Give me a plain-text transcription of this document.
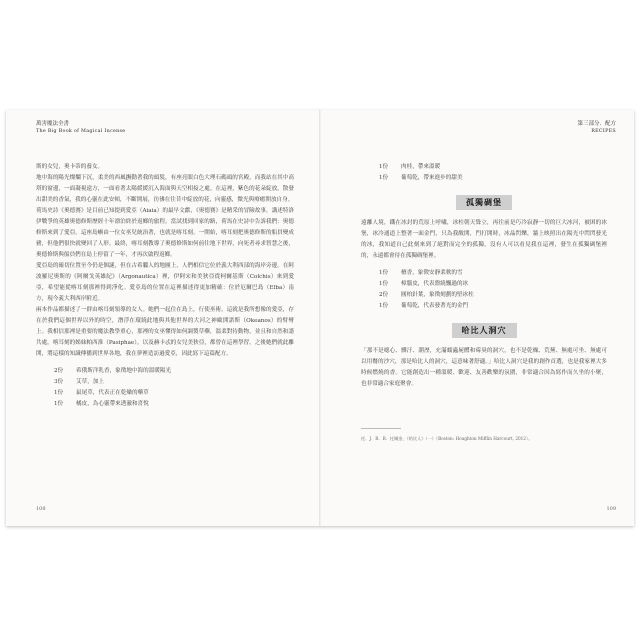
萬害魔法全書
The Big Book of Magical Incense

斯的女兒，奧卡蒂的養女。

地中海的陽光燦爛下沉，柔美的西風撫動著我的頭髮，有座亮眼白色大理石碼頭的宮殿，而我站在其中高塔的窗邊，一面凝視遠方，一面看著太陽緩緩沉入海面與天空相接之處。在這裡，紫色的花朵綻放，散發出甜美的香氣，我的心靈在此安頓，不斷開展，彷彿在往昔中綻放的花，向靈感，微光與療癒開放自身。

荷馬史詩《奧德賽》是目前已知提到愛亞（Aiaia）的最早文獻，《奧德賽》是精采的冒險故事，講述特洛伊戰爭的英雄奧德修斯歷經十年漂泊終於返鄉的旅程。當試找到回家的路，荷馬在史詩中告訴我們：奧德修斯來到了愛亞。這座島嶼由一位女巫兒統治著，也就是喀耳刻。一開始，喀耳刻把奧德修斯的船員變成豬，但他們很快就變回了人形。最終，喀耳刻教導了奧德修斯如何前往地下世界，向死者尋求智慧之後，奧德修斯與船員們在島上停留了一年，才再次啟程返鄉。

愛亞島的確切位置至今仍是個謎，但在古希臘人的地圖上，人們相信它位於義大利西部的海岸旁邊。在阿波羅尼奧斯的《阿爾戈英雄紀》（Argonautica）裡，伊阿宋和美狄亞從柯爾基斯（Colchis）來到愛亞，希望能從喀耳刻那裡得到淨化。愛亞島的位置在這裡描述得更加精確：位於厄爾巴島（Elba）南方，現今義大利西岸附近。

兩本作品都描述了一群由喀耳刻領導的女人。她們一起住在島上，行使巫術，這就是我所想像的愛亞，存在於我們這個世界以外的時空，潛浮在環繞此地與其他世界的大河之神歐開諾斯（Okeanos）的臂彎上。我相信那裡是重要的魔法教學重心，那裡的女巫懂得如何調製草藥，溫柔對待動物，並且和自然和諧共處。喀耳刻的姊妹帕西淮（Pasiphae），以及赫卡忒的女兒美狄亞，都曾在這裡學習。之後她們就此離開，將這樣的知識傳播到世界各地，我在夢裡造訪過愛亞，因此寫下這篇配方。

2份	希俄斯洋乳香，象徵地中海的溫暖陽光
3份	艾草，加上
1份	鼠尾草，代表正在乾燥的藥草
1份	橘皮，為心靈帶來透澈和喜悅
108
第三部分．配方
RECIPES
1份	肉桂，帶來溫暖
1份	葡萄乾，帶來進步的甜美
孤獨碉堡

遠離人境，鐵在冰封的荒原上呼嘯，冰柱朝天聳立，再往前是巧冷寂靜一切的巨大冰河，被困的冰堡，冰冷通道上整著一面金門，只為我敞開，門打開時，冰晶閃爍，牆上映照出在陽光中閃閃發光的冰，我知道自己此刻來到了絕對而完全的孤獨，沒有人可以看見我在這裡，發生在孤獨碉堡裡的，永遠都會待在孤獨碉堡裡。

1份	檀香，象徵安靜柔軟的雪
1份	樟腦皮，代表盤繞飄過的冰
2份	圓柏針葉，象徵刻劃的堅冰柱
1份	葡萄乾，代表發著光的金門
哈比人洞穴

「那不是噁心、髒汙、潮溼，充滿蠕蟲屍體和霉臭的洞穴，也不是乾燥、荒蕪、無處可坐、無處可以用餐的沙穴，那是哈比人的洞穴，這意味著舒適。」哈比人洞穴是我的創作首選，也是我家裡大多時候燃燒的香。它能創造出一種溫暖、歡迎、友善歡樂的氛圍，非常適合因為寫作而久坐的小聚，也非常適合家庭聚會。

托．J．R．R．托爾金，《哈比人》（一）（Boston: Houghton Mifflin Harcourt, 2012）。
109
